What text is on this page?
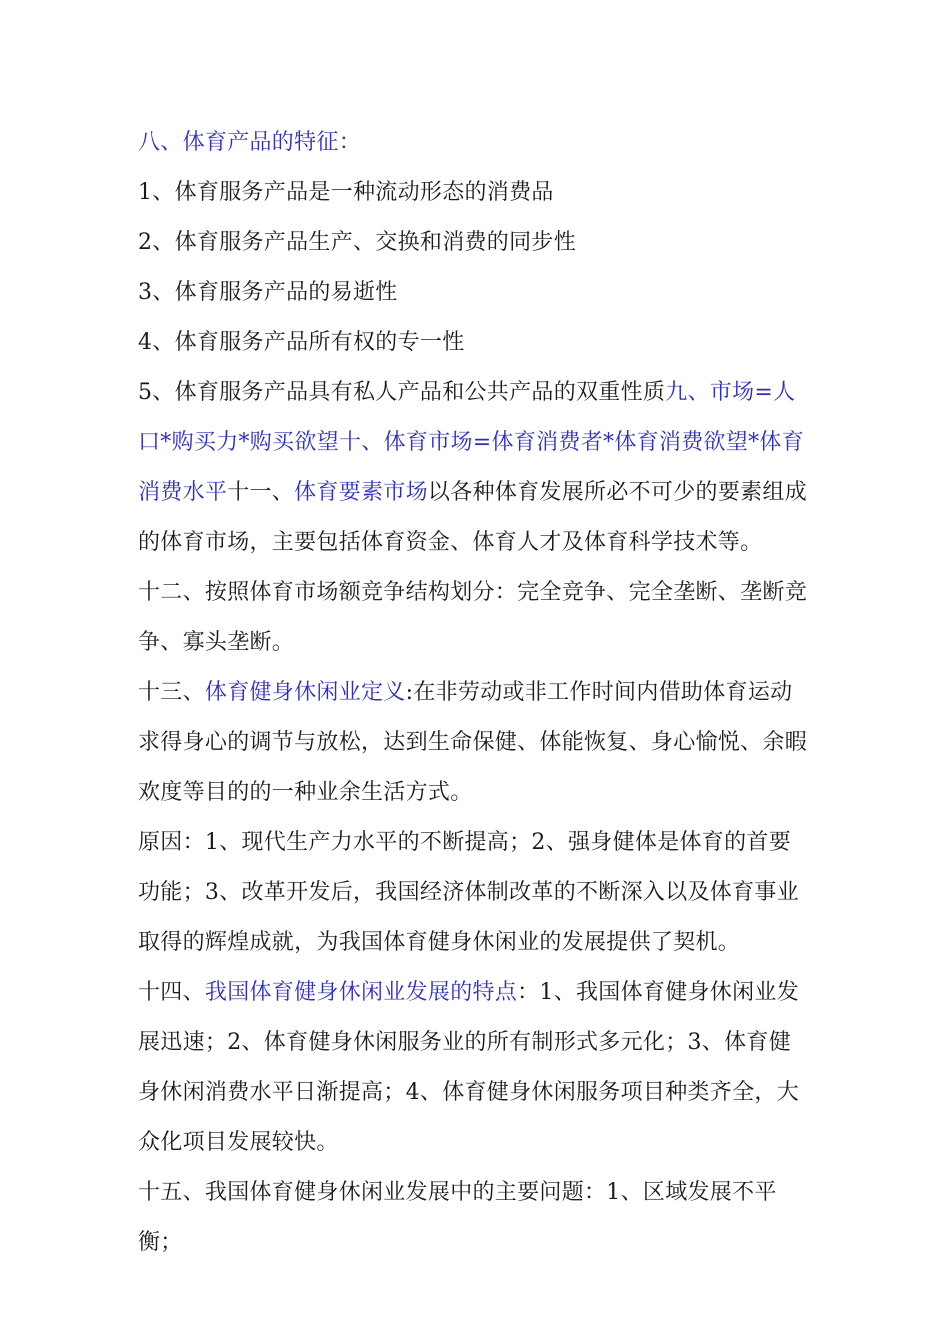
八、体育产品的特征：

1、体育服务产品是一种流动形态的消费品

2、体育服务产品生产、交换和消费的同步性

3、体育服务产品的易逝性

4、体育服务产品所有权的专一性

5、体育服务产品具有私人产品和公共产品的双重性质九、市场=人口*购买力*购买欲望十、体育市场=体育消费者*体育消费欲望*体育消费水平十一、体育要素市场以各种体育发展所必不可少的要素组成的体育市场，主要包括体育资金、体育人才及体育科学技术等。

十二、按照体育市场额竞争结构划分：完全竞争、完全垄断、垄断竞争、寡头垄断。

十三、体育健身休闲业定义:在非劳动或非工作时间内借助体育运动求得身心的调节与放松，达到生命保健、体能恢复、身心愉悦、余暇欢度等目的的一种业余生活方式。

原因：1、现代生产力水平的不断提高；2、强身健体是体育的首要功能；3、改革开发后，我国经济体制改革的不断深入以及体育事业取得的辉煌成就，为我国体育健身休闲业的发展提供了契机。

十四、我国体育健身休闲业发展的特点：1、我国体育健身休闲业发展迅速；2、体育健身休闲服务业的所有制形式多元化；3、体育健身休闲消费水平日渐提高；4、体育健身休闲服务项目种类齐全，大众化项目发展较快。

十五、我国体育健身休闲业发展中的主要问题：1、区域发展不平衡；
